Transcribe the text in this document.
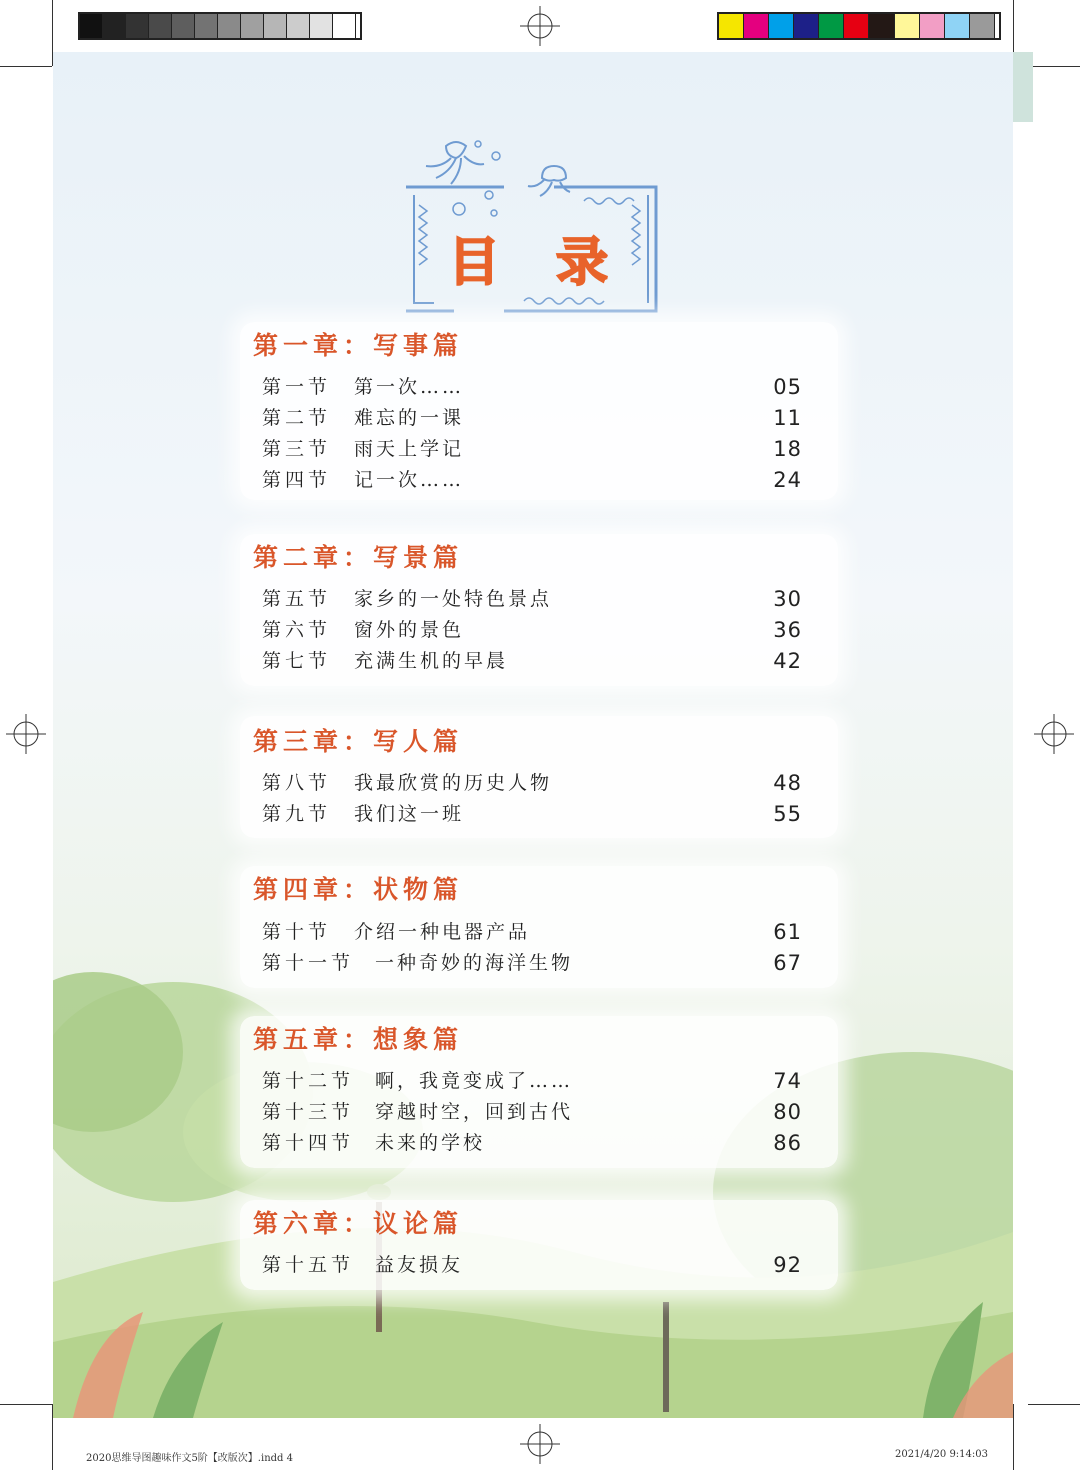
目 录
第一章：写事篇
第一节 第一次……	05
第二节 难忘的一课	11
第三节 雨天上学记	18
第四节 记一次……	24
第二章：写景篇
第五节 家乡的一处特色景点	30
第六节 窗外的景色	36
第七节 充满生机的早晨	42
第三章：写人篇
第八节 我最欣赏的历史人物	48
第九节 我们这一班	55
第四章：状物篇
第十节 介绍一种电器产品	61
第十一节 一种奇妙的海洋生物	67
第五章：想象篇
第十二节 啊，我竟变成了……	74
第十三节 穿越时空，回到古代	80
第十四节 未来的学校	86
第六章：议论篇
第十五节 益友损友	92
2020思维导图趣味作文5阶【改版次】.indd 4	2021/4/20 9:14:03
